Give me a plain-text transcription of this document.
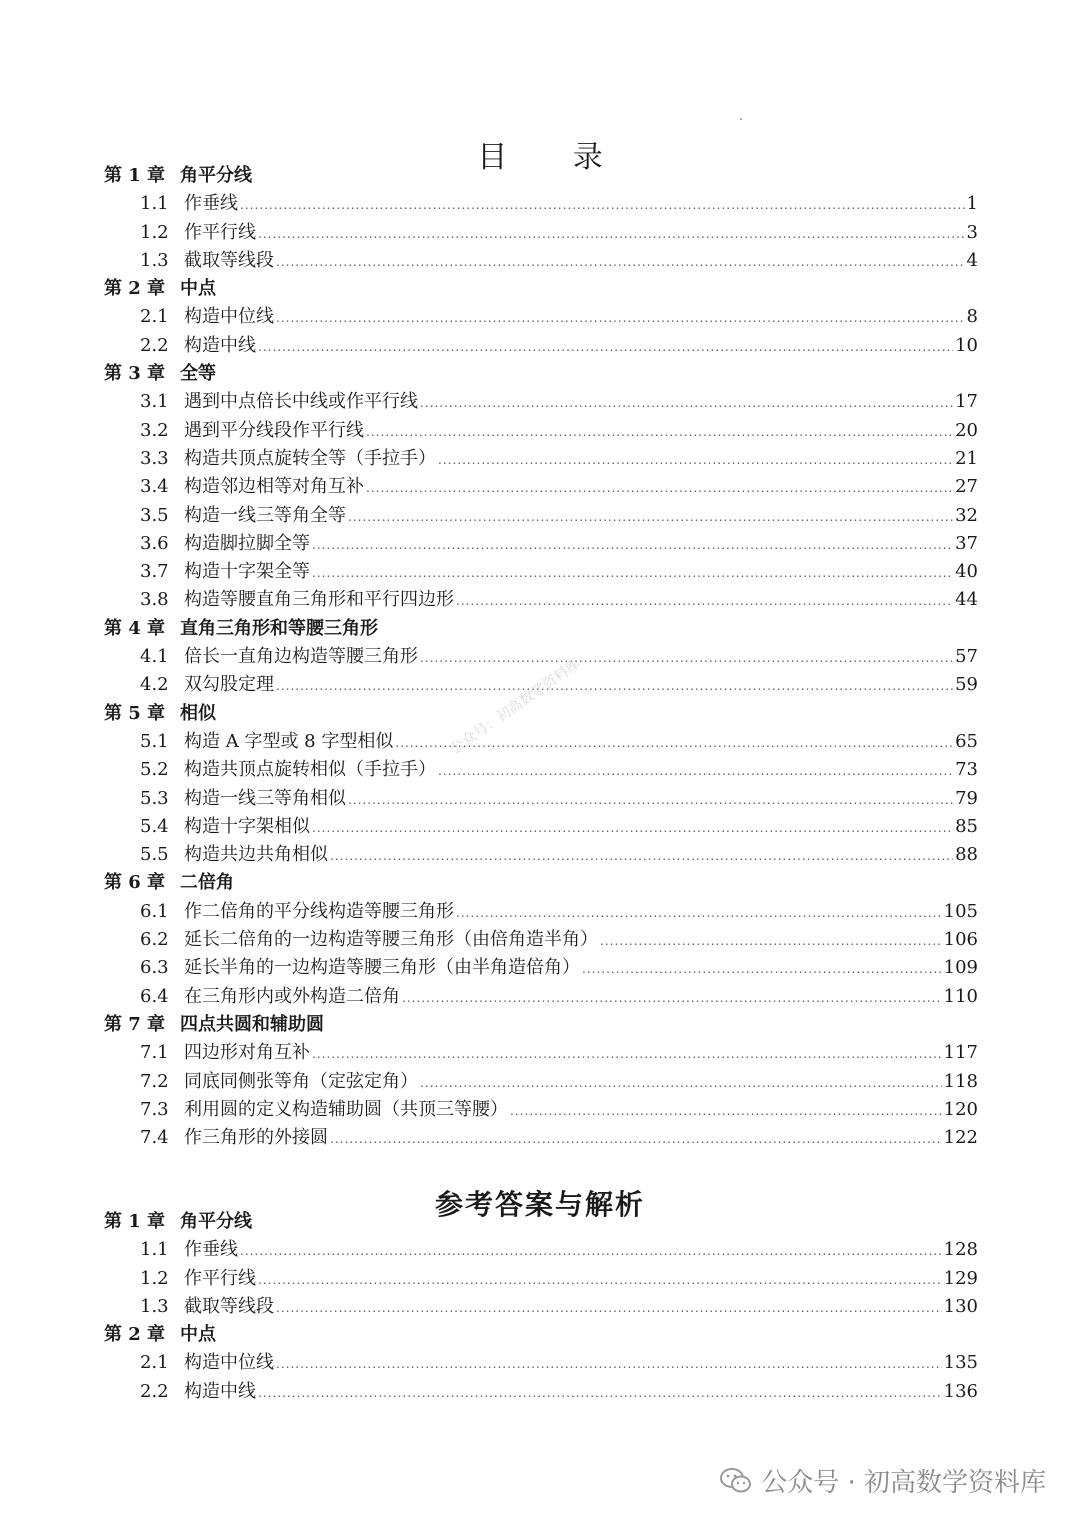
目 录
第 1 章 角平分线
1.1 作垂线 .....	1
1.2 作平行线 .....	3
1.3 截取等线段 .....	4
第 2 章 中点
2.1 构造中位线 .....	8
2.2 构造中线 .....	10
第 3 章 全等
3.1 遇到中点倍长中线或作平行线 .....	17
3.2 遇到平分线段作平行线 .....	20
3.3 构造共顶点旋转全等（手拉手） .....	21
3.4 构造邻边相等对角互补 .....	27
3.5 构造一线三等角全等 .....	32
3.6 构造脚拉脚全等 .....	37
3.7 构造十字架全等 .....	40
3.8 构造等腰直角三角形和平行四边形 .....	44
第 4 章 直角三角形和等腰三角形
4.1 倍长一直角边构造等腰三角形 .....	57
4.2 双勾股定理 .....	59
第 5 章 相似
5.1 构造 A 字型或 8 字型相似 .....	65
5.2 构造共顶点旋转相似（手拉手） .....	73
5.3 构造一线三等角相似 .....	79
5.4 构造十字架相似 .....	85
5.5 构造共边共角相似 .....	88
第 6 章 二倍角
6.1 作二倍角的平分线构造等腰三角形 .....	105
6.2 延长二倍角的一边构造等腰三角形（由倍角造半角） .....	106
6.3 延长半角的一边构造等腰三角形（由半角造倍角） .....	109
6.4 在三角形内或外构造二倍角 .....	110
第 7 章 四点共圆和辅助圆
7.1 四边形对角互补 .....	117
7.2 同底同侧张等角（定弦定角） .....	118
7.3 利用圆的定义构造辅助圆（共顶三等腰） .....	120
7.4 作三角形的外接圆 .....	122
参考答案与解析
第 1 章 角平分线
1.1 作垂线 .....	128
1.2 作平行线 .....	129
1.3 截取等线段 .....	130
第 2 章 中点
2.1 构造中位线 .....	135
2.2 构造中线 .....	136
公众号：初高数学资料库
公众号 · 初高数学资料库
